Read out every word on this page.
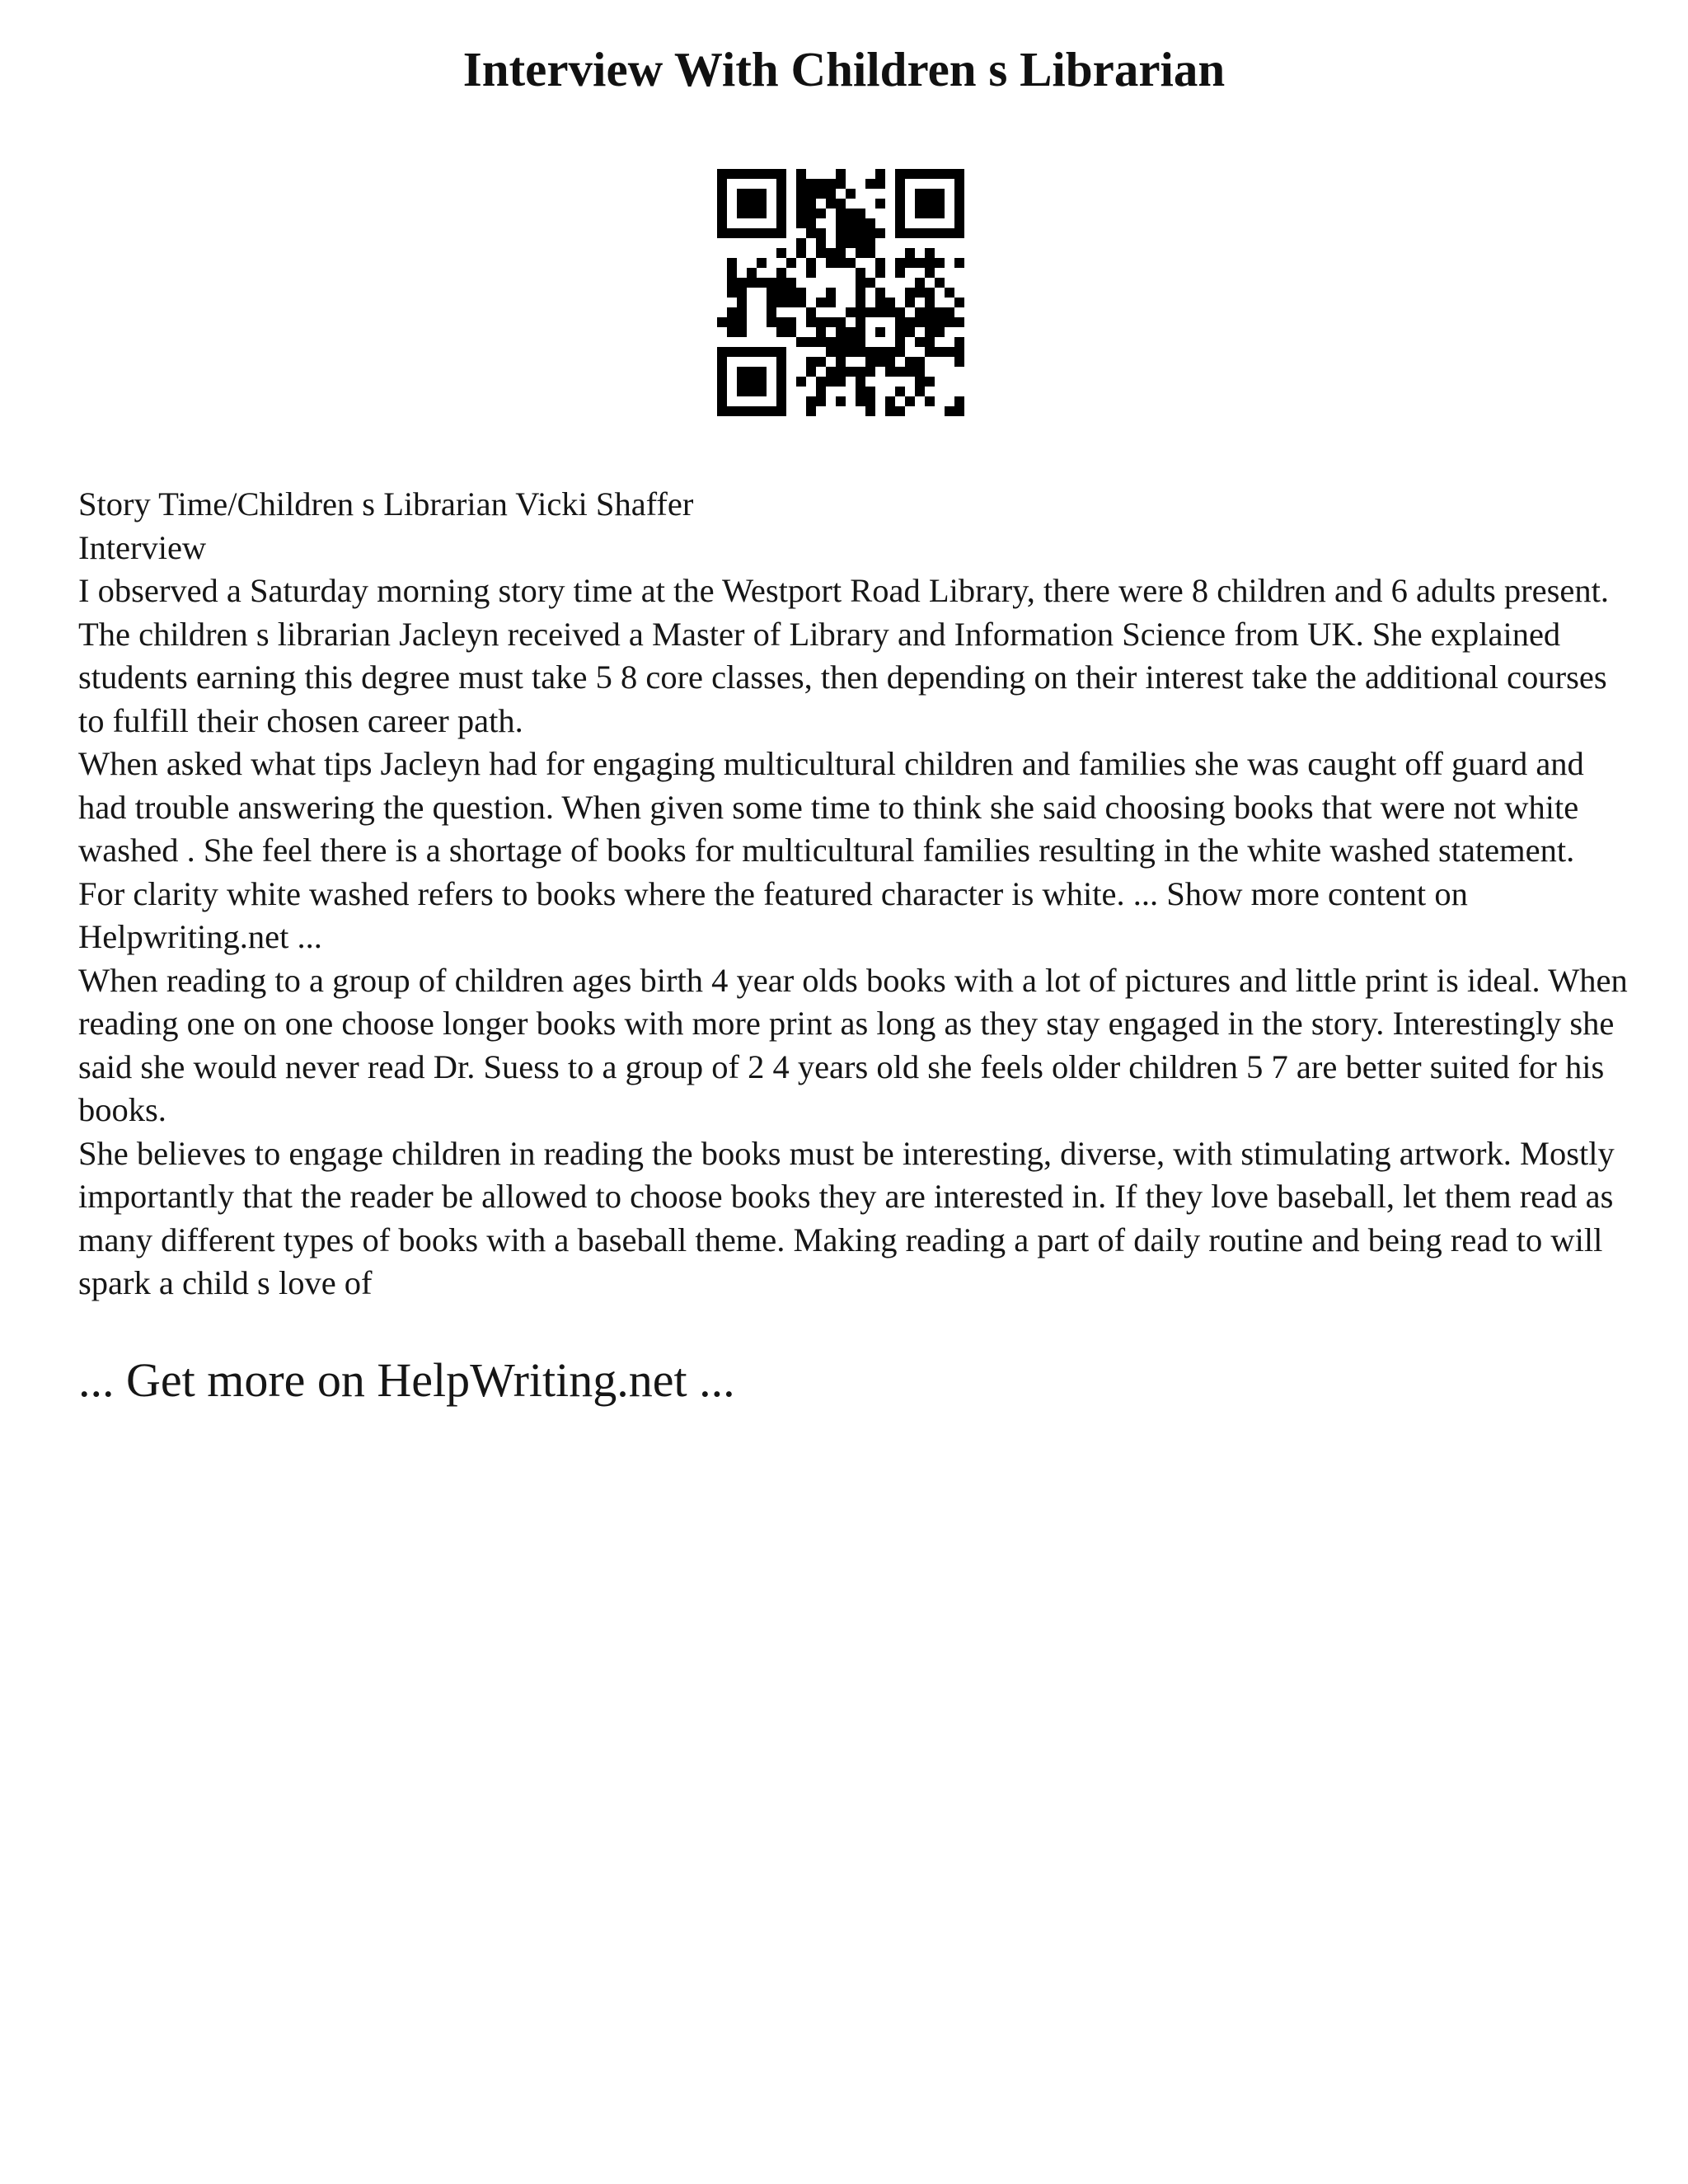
Interview With Children s Librarian

Story Time/Children s Librarian Vicki Shaffer

Interview

I observed a Saturday morning story time at the Westport Road Library, there were 8 children and 6 adults present. The children s librarian Jacleyn received a Master of Library and Information Science from UK. She explained students earning this degree must take 5 8 core classes, then depending on their interest take the additional courses to fulfill their chosen career path.

When asked what tips Jacleyn had for engaging multicultural children and families she was caught off guard and had trouble answering the question. When given some time to think she said choosing books that were not white washed . She feel there is a shortage of books for multicultural families resulting in the white washed statement. For clarity white washed refers to books where the featured character is white. ... Show more content on Helpwriting.net ...

When reading to a group of children ages birth 4 year olds books with a lot of pictures and little print is ideal. When reading one on one choose longer books with more print as long as they stay engaged in the story. Interestingly she said she would never read Dr. Suess to a group of 2 4 years old she feels older children 5 7 are better suited for his books.

She believes to engage children in reading the books must be interesting, diverse, with stimulating artwork. Mostly importantly that the reader be allowed to choose books they are interested in. If they love baseball, let them read as many different types of books with a baseball theme. Making reading a part of daily routine and being read to will spark a child s love of

... Get more on HelpWriting.net ...
